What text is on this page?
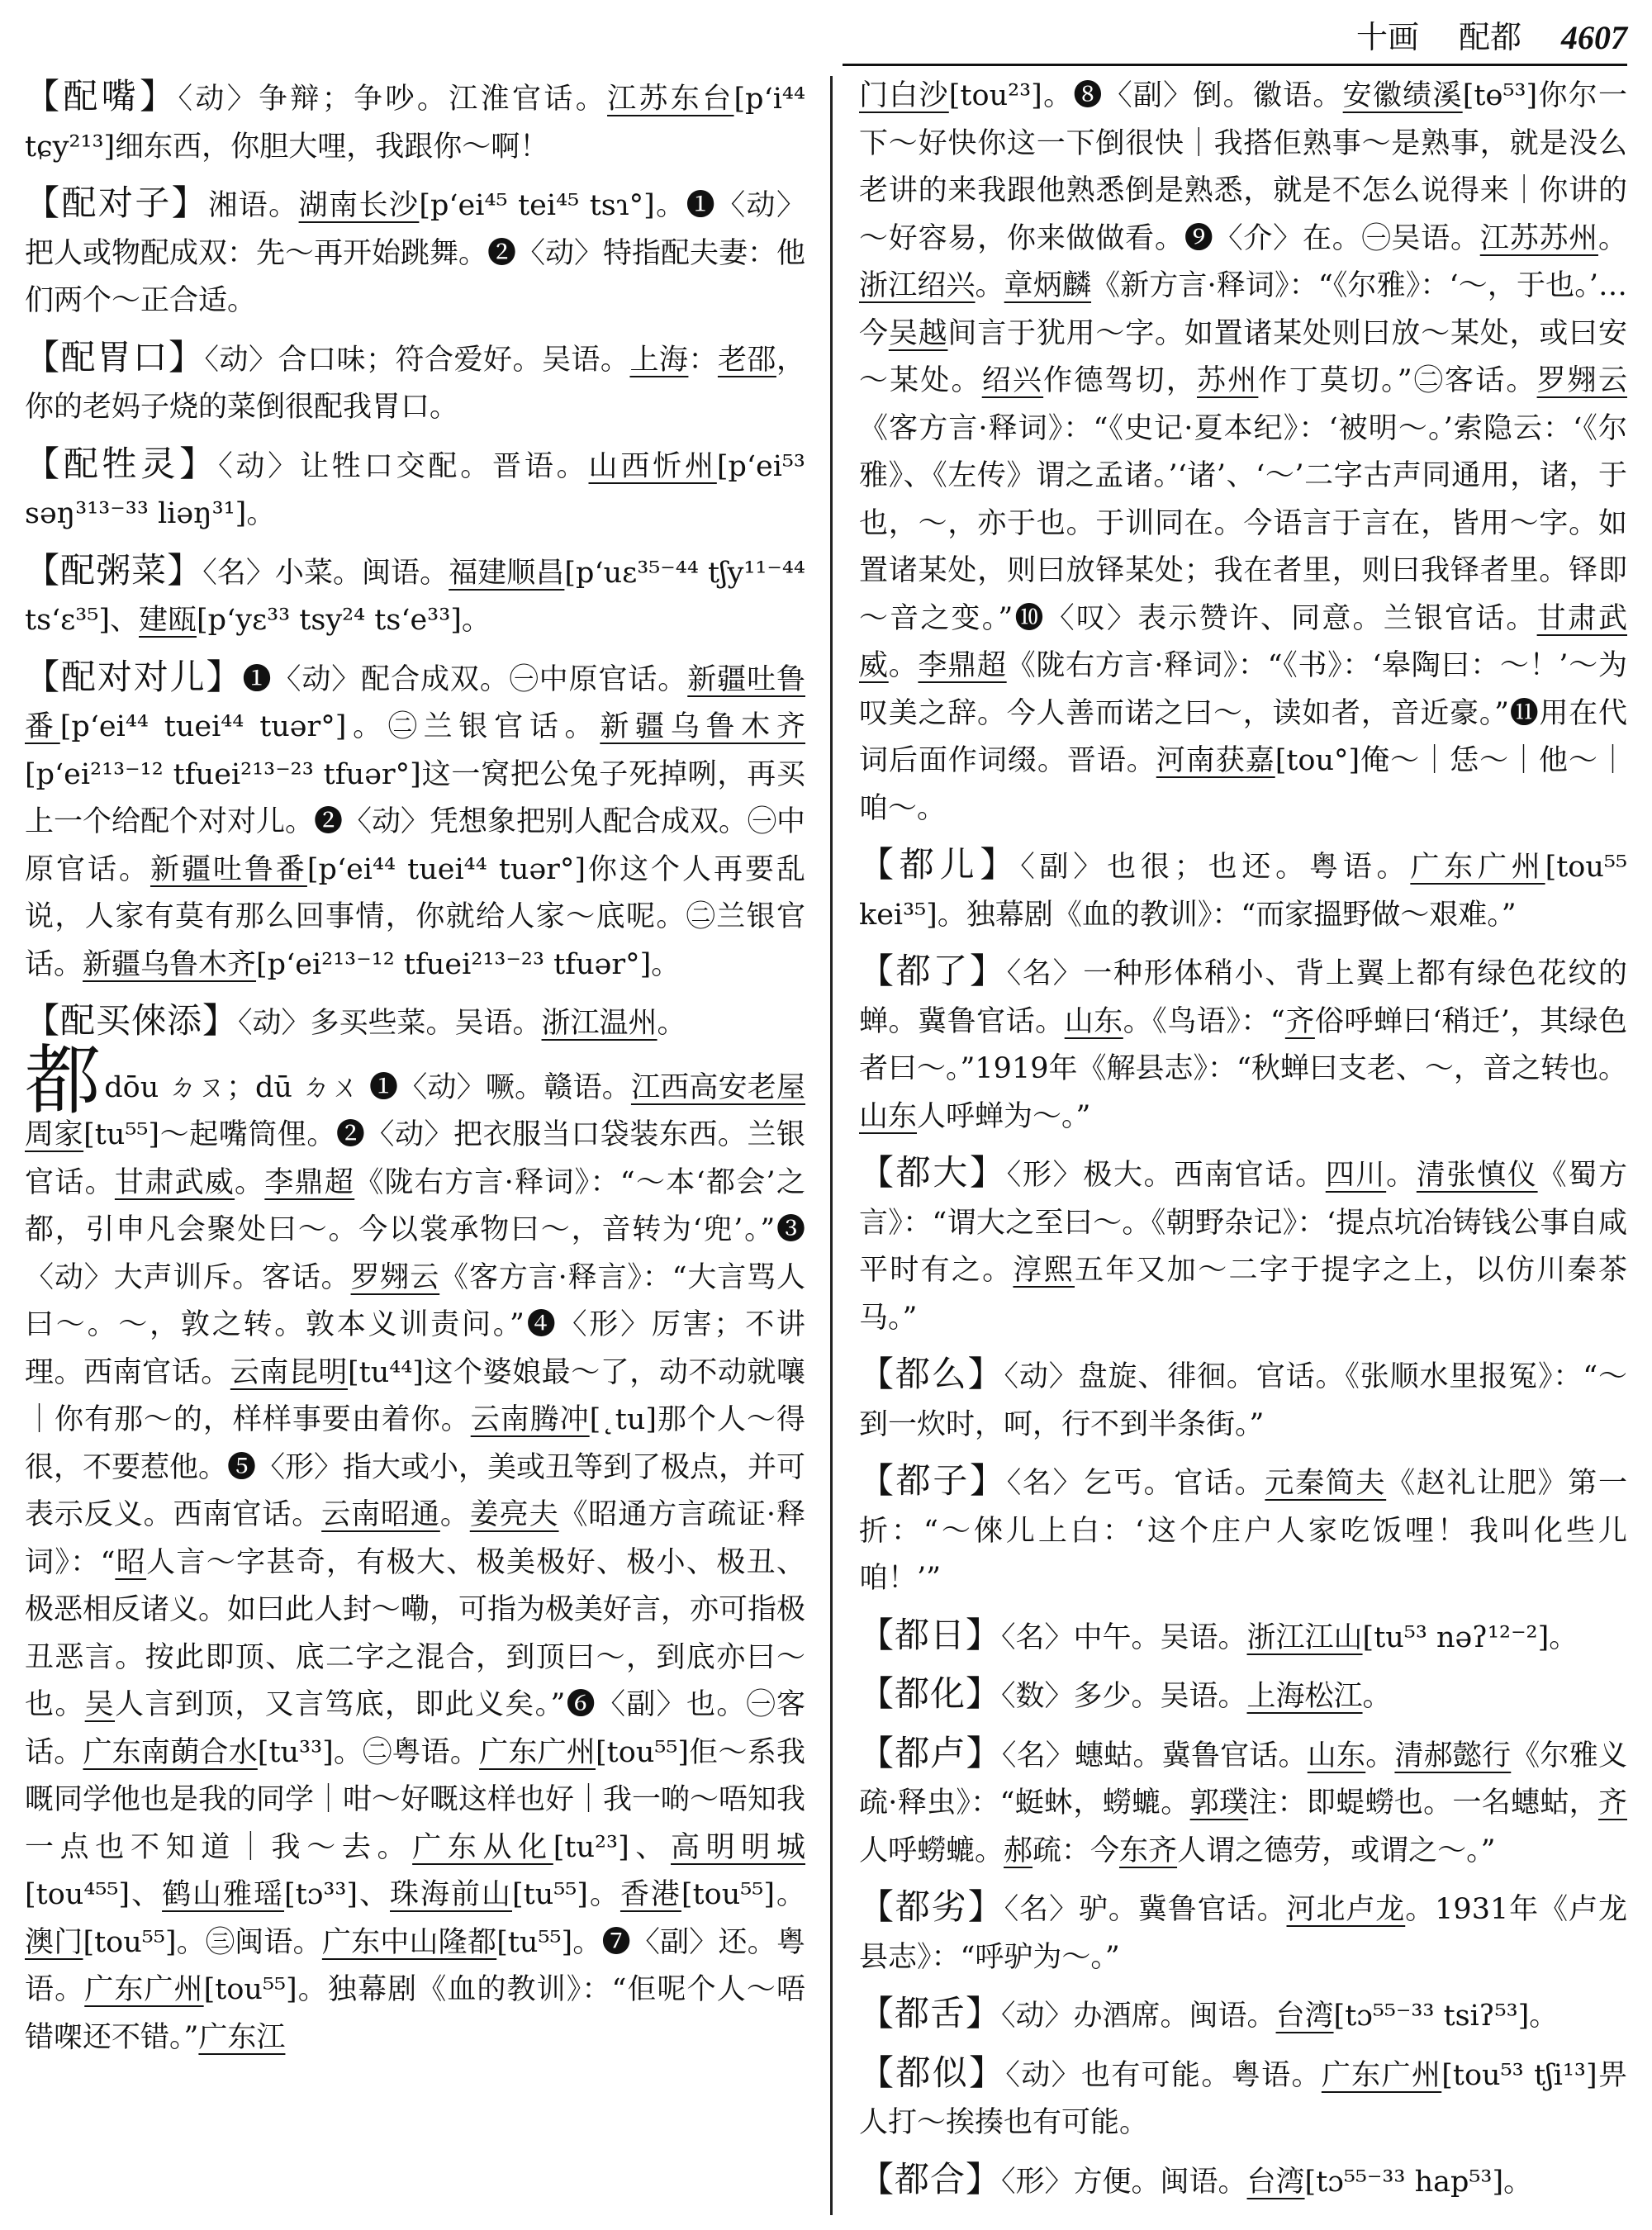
十画 配都 4607

【配嘴】〈动〉争辩；争吵。江淮官话。江苏东台[p‘i⁴⁴ tɕy²¹³]细东西，你胆大哩，我跟你～啊！

【配对子】湘语。湖南长沙[p‘ei⁴⁵ tei⁴⁵ tsɿ°]。❶〈动〉把人或物配成双：先～再开始跳舞。❷〈动〉特指配夫妻：他们两个～正合适。

【配胃口】〈动〉合口味；符合爱好。吴语。上海：老邵，你的老妈子烧的菜倒很配我胃口。

【配牲灵】〈动〉让牲口交配。晋语。山西忻州[p‘ei⁵³ səŋ³¹³⁻³³ liəŋ³¹]。

【配粥菜】〈名〉小菜。闽语。福建顺昌[p‘uɛ³⁵⁻⁴⁴ tʃy¹¹⁻⁴⁴ ts‘ɛ³⁵]、建瓯[p‘yɛ³³ tsy²⁴ ts‘e³³]。

【配对对儿】❶〈动〉配合成双。㊀中原官话。新疆吐鲁番[p‘ei⁴⁴ tuei⁴⁴ tuər°]。㊁兰银官话。新疆乌鲁木齐[p‘ei²¹³⁻¹² tfuei²¹³⁻²³ tfuər°]这一窝把公兔子死掉咧，再买上一个给配个对对儿。❷〈动〉凭想象把别人配合成双。㊀中原官话。新疆吐鲁番[p‘ei⁴⁴ tuei⁴⁴ tuər°]你这个人再要乱说，人家有莫有那么回事情，你就给人家～底呢。㊁兰银官话。新疆乌鲁木齐[p‘ei²¹³⁻¹² tfuei²¹³⁻²³ tfuər°]。

【配买倈添】〈动〉多买些菜。吴语。浙江温州。

都dōu ㄉㄡ；dū ㄉㄨ ❶〈动〉噘。赣语。江西高安老屋周家[tu⁵⁵]～起嘴筒俚。❷〈动〉把衣服当口袋装东西。兰银官话。甘肃武威。李鼎超《陇右方言·释词》：“～本‘都会’之都，引申凡会聚处曰～。今以裳承物曰～，音转为‘兜’。”❸〈动〉大声训斥。客话。罗翙云《客方言·释言》：“大言骂人曰～。～，敦之转。敦本义训责问。”❹〈形〉厉害；不讲理。西南官话。云南昆明[tu⁴⁴]这个婆娘最～了，动不动就嚷｜你有那～的，样样事要由着你。云南腾冲[˛tu]那个人～得很，不要惹他。❺〈形〉指大或小，美或丑等到了极点，并可表示反义。西南官话。云南昭通。姜亮夫《昭通方言疏证·释词》：“昭人言～字甚奇，有极大、极美极好、极小、极丑、极恶相反诸义。如曰此人封～嘞，可指为极美好言，亦可指极丑恶言。按此即顶、底二字之混合，到顶曰～，到底亦曰～也。吴人言到顶，又言笃底，即此义矣。”❻〈副〉也。㊀客话。广东南蓢合水[tu³³]。㊁粤语。广东广州[tou⁵⁵]佢～系我嘅同学他也是我的同学｜咁～好嘅这样也好｜我一啲～唔知我一点也不知道｜我～去。广东从化[tu²³]、高明明城[tou⁴⁵⁵]、鹤山雅瑶[tɔ³³]、珠海前山[tu⁵⁵]。香港[tou⁵⁵]。澳门[tou⁵⁵]。㊂闽语。广东中山隆都[tu⁵⁵]。❼〈副〉还。粤语。广东广州[tou⁵⁵]。独幕剧《血的教训》：“佢呢个人～唔错㗎还不错。”广东江

门白沙[tou²³]。❽〈副〉倒。徽语。安徽绩溪[tɵ⁵³]你尔一下～好快你这一下倒很快｜我搭佢熟事～是熟事，就是没么老讲的来我跟他熟悉倒是熟悉，就是不怎么说得来｜你讲的～好容易，你来做做看。❾〈介〉在。㊀吴语。江苏苏州。浙江绍兴。章炳麟《新方言·释词》：“《尔雅》：‘～，于也。’…今吴越间言于犹用～字。如置诸某处则曰放～某处，或曰安～某处。绍兴作德驾切，苏州作丁莫切。”㊁客话。罗翙云《客方言·释词》：“《史记·夏本纪》：‘被明～。’索隐云：‘《尔雅》、《左传》谓之孟诸。’‘诸’、‘～’二字古声同通用，诸，于也，～，亦于也。于训同在。今语言于言在，皆用～字。如置诸某处，则曰放铎某处；我在者里，则曰我铎者里。铎即～音之变。”❿〈叹〉表示赞许、同意。兰银官话。甘肃武威。李鼎超《陇右方言·释词》：“《书》：‘皋陶曰：～！’～为叹美之辞。今人善而诺之曰～，读如者，音近豪。”⓫用在代词后面作词缀。晋语。河南获嘉[tou°]俺～｜恁～｜他～｜咱～。

【都儿】〈副〉也很；也还。粤语。广东广州[tou⁵⁵ kei³⁵]。独幕剧《血的教训》：“而家搵野做～艰难。”

【都了】〈名〉一种形体稍小、背上翼上都有绿色花纹的蝉。冀鲁官话。山东。《鸟语》：“齐俗呼蝉曰‘稍迁’，其绿色者曰～。”1919年《解县志》：“秋蝉曰支老、～，音之转也。山东人呼蝉为～。”

【都大】〈形〉极大。西南官话。四川。清张慎仪《蜀方言》：“谓大之至曰～。《朝野杂记》：‘提点坑冶铸钱公事自咸平时有之。淳熙五年又加～二字于提字之上，以仿川秦茶马。”

【都么】〈动〉盘旋、徘徊。官话。《张顺水里报冤》：“～到一炊时，呵，行不到半条街。”

【都子】〈名〉乞丐。官话。元秦简夫《赵礼让肥》第一折：“～倈儿上白：‘这个庄户人家吃饭哩！我叫化些儿咱！’”

【都日】〈名〉中午。吴语。浙江江山[tu⁵³ nəʔ¹²⁻²]。

【都化】〈数〉多少。吴语。上海松江。

【都卢】〈名〉蟪蛄。冀鲁官话。山东。清郝懿行《尔雅义疏·释虫》：“蜓蚞，蟧螰。郭璞注：即蝭蟧也。一名蟪蛄，齐人呼蟧螰。郝疏：今东齐人谓之德劳，或谓之～。”

【都劣】〈名〉驴。冀鲁官话。河北卢龙。1931年《卢龙县志》：“呼驴为～。”

【都舌】〈动〉办酒席。闽语。台湾[tɔ⁵⁵⁻³³ tsiʔ⁵³]。

【都似】〈动〉也有可能。粤语。广东广州[tou⁵³ tʃi¹³]畀人打～挨揍也有可能。

【都合】〈形〉方便。闽语。台湾[tɔ⁵⁵⁻³³ hap⁵³]。
